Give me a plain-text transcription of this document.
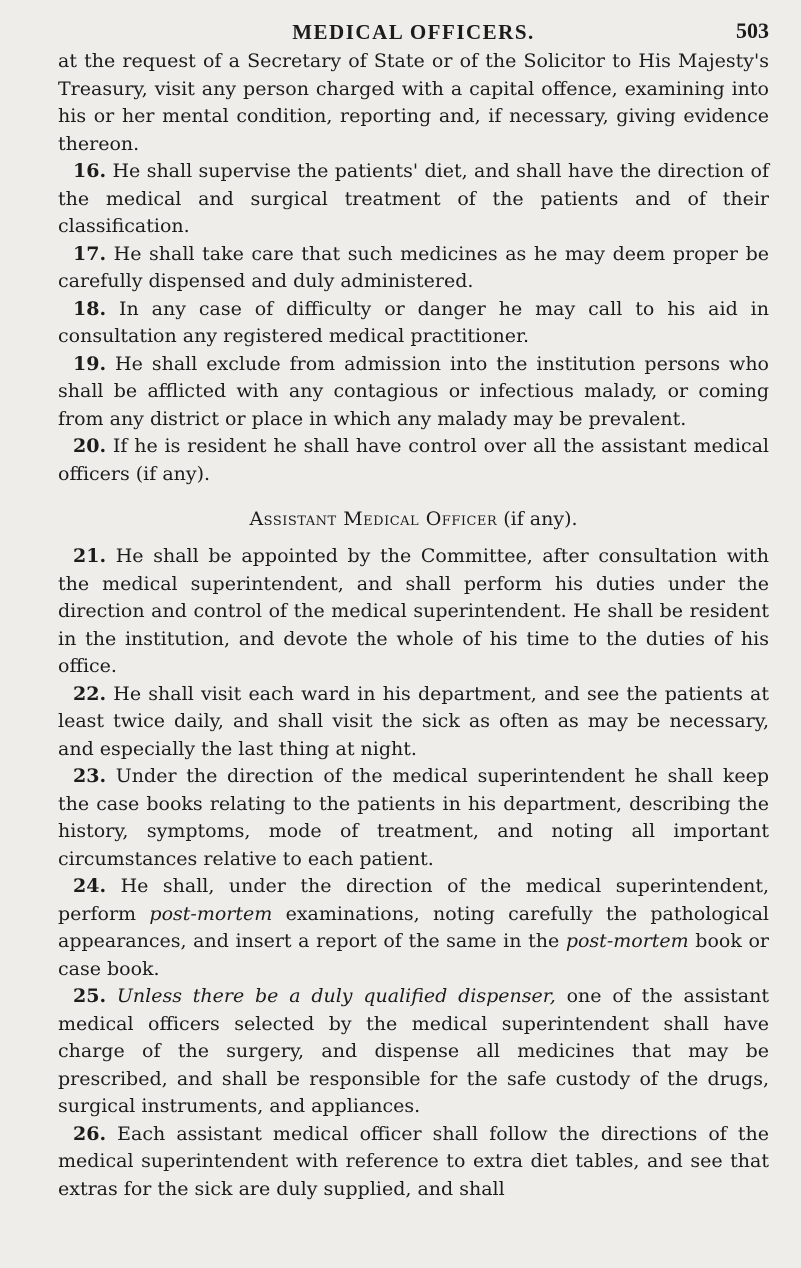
MEDICAL OFFICERS.	503

at the request of a Secretary of State or of the Solicitor to His Majesty's Treasury, visit any person charged with a capital offence, examining into his or her mental condition, reporting and, if necessary, giving evidence thereon.

16. He shall supervise the patients' diet, and shall have the direction of the medical and surgical treatment of the patients and of their classification.

17. He shall take care that such medicines as he may deem proper be carefully dispensed and duly administered.

18. In any case of difficulty or danger he may call to his aid in consultation any registered medical practitioner.

19. He shall exclude from admission into the institution persons who shall be afflicted with any contagious or infectious malady, or coming from any district or place in which any malady may be prevalent.

20. If he is resident he shall have control over all the assistant medical officers (if any).

Assistant Medical Officer (if any).

21. He shall be appointed by the Committee, after consultation with the medical superintendent, and shall perform his duties under the direction and control of the medical superintendent. He shall be resident in the institution, and devote the whole of his time to the duties of his office.

22. He shall visit each ward in his department, and see the patients at least twice daily, and shall visit the sick as often as may be necessary, and especially the last thing at night.

23. Under the direction of the medical superintendent he shall keep the case books relating to the patients in his department, describing the history, symptoms, mode of treatment, and noting all important circumstances relative to each patient.

24. He shall, under the direction of the medical superintendent, perform post-mortem examinations, noting carefully the pathological appearances, and insert a report of the same in the post-mortem book or case book.

25. Unless there be a duly qualified dispenser, one of the assistant medical officers selected by the medical superintendent shall have charge of the surgery, and dispense all medicines that may be prescribed, and shall be responsible for the safe custody of the drugs, surgical instruments, and appliances.

26. Each assistant medical officer shall follow the directions of the medical superintendent with reference to extra diet tables, and see that extras for the sick are duly supplied, and shall
